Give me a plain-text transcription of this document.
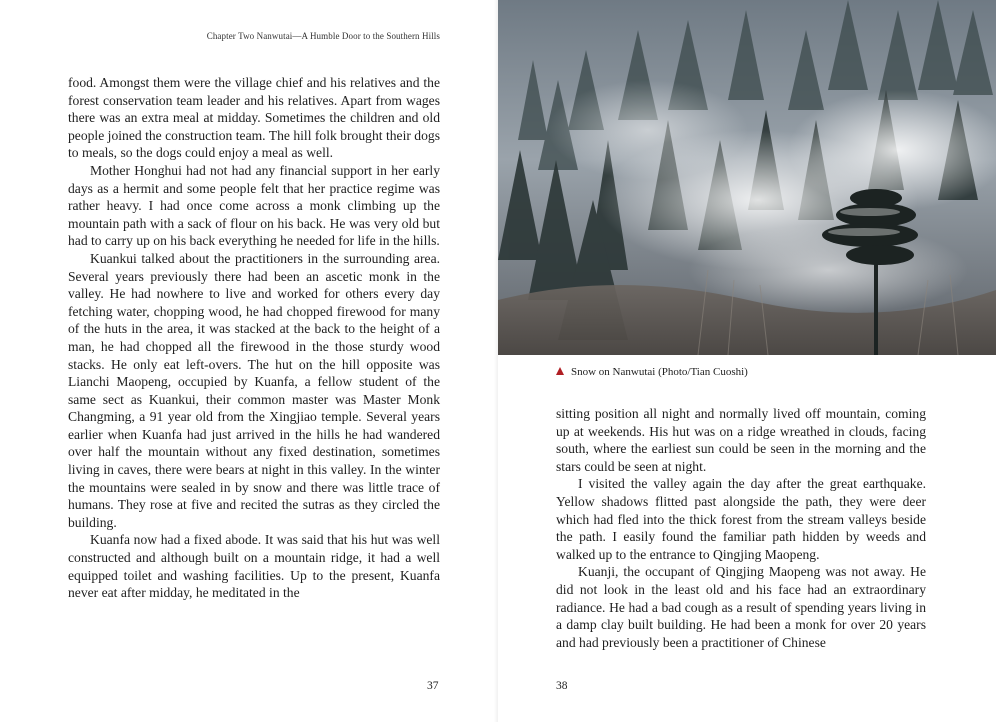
Chapter Two Nanwutai—A Humble Door to the Southern Hills

food. Amongst them were the village chief and his relatives and the forest conservation team leader and his relatives. Apart from wages there was an extra meal at midday. Sometimes the children and old people joined the construction team. The hill folk brought their dogs to meals, so the dogs could enjoy a meal as well.

Mother Honghui had not had any financial support in her early days as a hermit and some people felt that her practice regime was rather heavy. I had once come across a monk climbing up the mountain path with a sack of flour on his back. He was very old but had to carry up on his back everything he needed for life in the hills.

Kuankui talked about the practitioners in the surrounding area. Several years previously there had been an ascetic monk in the valley. He had nowhere to live and worked for others every day fetching water, chopping wood, he had chopped firewood for many of the huts in the area, it was stacked at the back to the height of a man, he had chopped all the firewood in the those sturdy wood stacks. He only eat left-overs. The hut on the hill opposite was Lianchi Maopeng, occupied by Kuanfa, a fellow student of the same sect as Kuankui, their common master was Master Monk Changming, a 91 year old from the Xingjiao temple. Several years earlier when Kuanfa had just arrived in the hills he had wandered over half the mountain without any fixed destination, sometimes living in caves, there were bears at night in this valley. In the winter the mountains were sealed in by snow and there was little trace of humans. They rose at five and recited the sutras as they circled the building.

Kuanfa now had a fixed abode. It was said that his hut was well constructed and although built on a mountain ridge, it had a well equipped toilet and washing facilities. Up to the present, Kuanfa never eat after midday, he meditated in the

37
Snow on Nanwutai (Photo/Tian Cuoshi)

sitting position all night and normally lived off mountain, coming up at weekends. His hut was on a ridge wreathed in clouds, facing south, where the earliest sun could be seen in the morning and the stars could be seen at night.

I visited the valley again the day after the great earthquake. Yellow shadows flitted past alongside the path, they were deer which had fled into the thick forest from the stream valleys beside the path. I easily found the familiar path hidden by weeds and walked up to the entrance to Qingjing Maopeng.

Kuanji, the occupant of Qingjing Maopeng was not away. He did not look in the least old and his face had an extraordinary radiance. He had a bad cough as a result of spending years living in a damp clay built building. He had been a monk for over 20 years and had previously been a practitioner of Chinese

38
